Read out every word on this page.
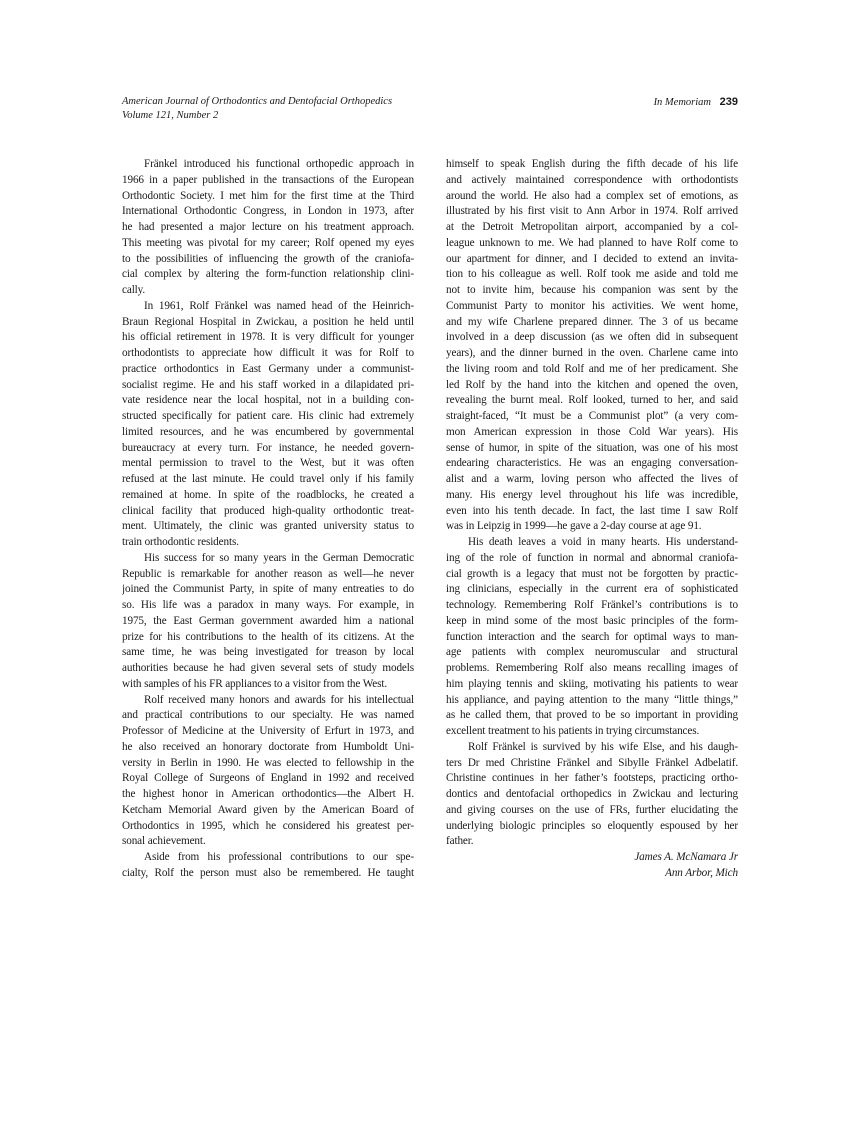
American Journal of Orthodontics and Dentofacial Orthopedics
Volume 121, Number 2
In Memoriam 239
Fränkel introduced his functional orthopedic approach in
1966 in a paper published in the transactions of the European
Orthodontic Society. I met him for the first time at the Third
International Orthodontic Congress, in London in 1973, after
he had presented a major lecture on his treatment approach.
This meeting was pivotal for my career; Rolf opened my eyes
to the possibilities of influencing the growth of the craniofa-
cial complex by altering the form-function relationship clini-
cally.
In 1961, Rolf Fränkel was named head of the Heinrich-
Braun Regional Hospital in Zwickau, a position he held until
his official retirement in 1978. It is very difficult for younger
orthodontists to appreciate how difficult it was for Rolf to
practice orthodontics in East Germany under a communist-
socialist regime. He and his staff worked in a dilapidated pri-
vate residence near the local hospital, not in a building con-
structed specifically for patient care. His clinic had extremely
limited resources, and he was encumbered by governmental
bureaucracy at every turn. For instance, he needed govern-
mental permission to travel to the West, but it was often
refused at the last minute. He could travel only if his family
remained at home. In spite of the roadblocks, he created a
clinical facility that produced high-quality orthodontic treat-
ment. Ultimately, the clinic was granted university status to
train orthodontic residents.
His success for so many years in the German Democratic
Republic is remarkable for another reason as well—he never
joined the Communist Party, in spite of many entreaties to do
so. His life was a paradox in many ways. For example, in
1975, the East German government awarded him a national
prize for his contributions to the health of its citizens. At the
same time, he was being investigated for treason by local
authorities because he had given several sets of study models
with samples of his FR appliances to a visitor from the West.
Rolf received many honors and awards for his intellectual
and practical contributions to our specialty. He was named
Professor of Medicine at the University of Erfurt in 1973, and
he also received an honorary doctorate from Humboldt Uni-
versity in Berlin in 1990. He was elected to fellowship in the
Royal College of Surgeons of England in 1992 and received
the highest honor in American orthodontics—the Albert H.
Ketcham Memorial Award given by the American Board of
Orthodontics in 1995, which he considered his greatest per-
sonal achievement.
Aside from his professional contributions to our spe-
cialty, Rolf the person must also be remembered. He taught
himself to speak English during the fifth decade of his life
and actively maintained correspondence with orthodontists
around the world. He also had a complex set of emotions, as
illustrated by his first visit to Ann Arbor in 1974. Rolf arrived
at the Detroit Metropolitan airport, accompanied by a col-
league unknown to me. We had planned to have Rolf come to
our apartment for dinner, and I decided to extend an invita-
tion to his colleague as well. Rolf took me aside and told me
not to invite him, because his companion was sent by the
Communist Party to monitor his activities. We went home,
and my wife Charlene prepared dinner. The 3 of us became
involved in a deep discussion (as we often did in subsequent
years), and the dinner burned in the oven. Charlene came into
the living room and told Rolf and me of her predicament. She
led Rolf by the hand into the kitchen and opened the oven,
revealing the burnt meal. Rolf looked, turned to her, and said
straight-faced, “It must be a Communist plot” (a very com-
mon American expression in those Cold War years). His
sense of humor, in spite of the situation, was one of his most
endearing characteristics. He was an engaging conversation-
alist and a warm, loving person who affected the lives of
many. His energy level throughout his life was incredible,
even into his tenth decade. In fact, the last time I saw Rolf
was in Leipzig in 1999—he gave a 2-day course at age 91.
His death leaves a void in many hearts. His understand-
ing of the role of function in normal and abnormal craniofa-
cial growth is a legacy that must not be forgotten by practic-
ing clinicians, especially in the current era of sophisticated
technology. Remembering Rolf Fränkel’s contributions is to
keep in mind some of the most basic principles of the form-
function interaction and the search for optimal ways to man-
age patients with complex neuromuscular and structural
problems. Remembering Rolf also means recalling images of
him playing tennis and skiing, motivating his patients to wear
his appliance, and paying attention to the many “little things,”
as he called them, that proved to be so important in providing
excellent treatment to his patients in trying circumstances.
Rolf Fränkel is survived by his wife Else, and his daugh-
ters Dr med Christine Fränkel and Sibylle Fränkel Adbelatif.
Christine continues in her father’s footsteps, practicing ortho-
dontics and dentofacial orthopedics in Zwickau and lecturing
and giving courses on the use of FRs, further elucidating the
underlying biologic principles so eloquently espoused by her
father.
James A. McNamara Jr
Ann Arbor, Mich
